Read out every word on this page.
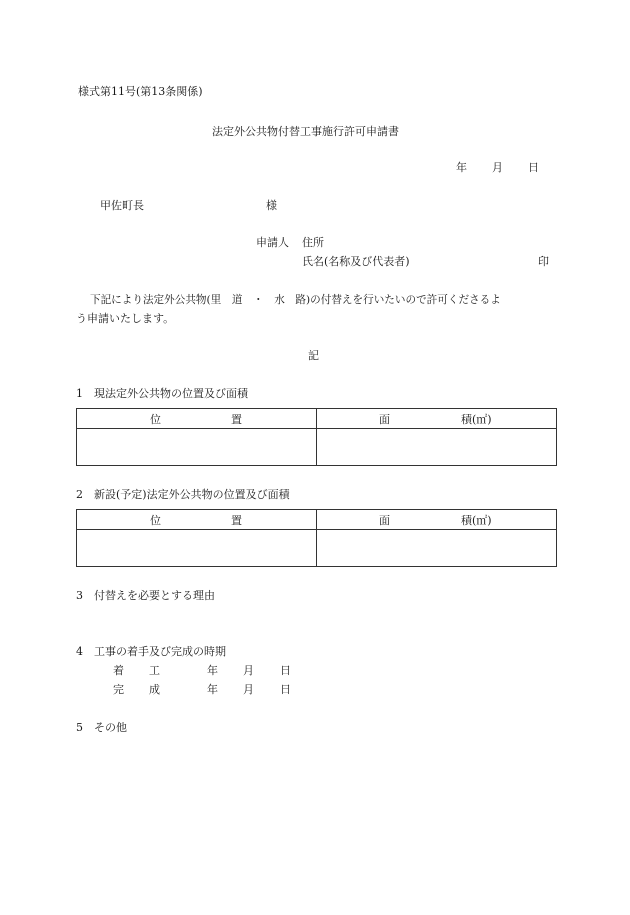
様式第11号(第13条関係)
法定外公共物付替工事施行許可申請書
年 月 日
甲佐町長	様
申請人 住所
氏名(名称及び代表者)	印
下記により法定外公共物(里　道　・　水　路)の付替えを行いたいので許可くださるよ
う申請いたします。
記
1　現法定外公共物の位置及び面積
位 置	面 積(㎡)

2　新設(予定)法定外公共物の位置及び面積
位 置	面 積(㎡)

3　付替えを必要とする理由
4　工事の着手及び完成の時期
着 工	年 月 日
完 成	年 月 日
5　その他
